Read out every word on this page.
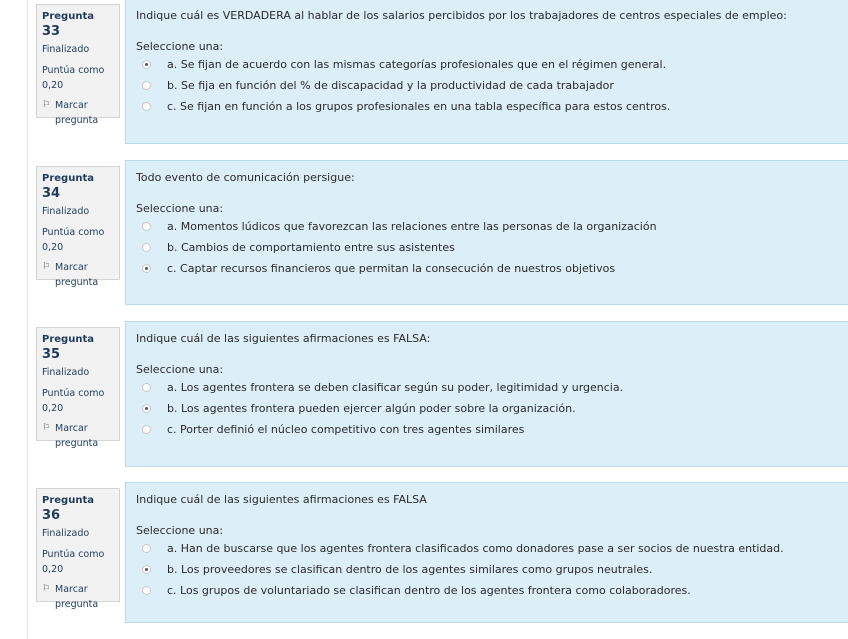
Pregunta 33
Finalizado
Puntúa como
0,20
⚐ Marcar
pregunta
Indique cuál es VERDADERA al hablar de los salarios percibidos por los trabajadores de centros especiales de empleo:
Seleccione una:
a. Se fijan de acuerdo con las mismas categorías profesionales que en el régimen general.
b. Se fija en función del % de discapacidad y la productividad de cada trabajador
c. Se fijan en función a los grupos profesionales en una tabla específica para estos centros.
Pregunta 34
Finalizado
Puntúa como
0,20
⚐ Marcar
pregunta
Todo evento de comunicación persigue:
Seleccione una:
a. Momentos lúdicos que favorezcan las relaciones entre las personas de la organización
b. Cambios de comportamiento entre sus asistentes
c. Captar recursos financieros que permitan la consecución de nuestros objetivos
Pregunta 35
Finalizado
Puntúa como
0,20
⚐ Marcar
pregunta
Indique cuál de las siguientes afirmaciones es FALSA:
Seleccione una:
a. Los agentes frontera se deben clasificar según su poder, legitimidad y urgencia.
b. Los agentes frontera pueden ejercer algún poder sobre la organización.
c. Porter definió el núcleo competitivo con tres agentes similares
Pregunta 36
Finalizado
Puntúa como
0,20
⚐ Marcar
pregunta
Indique cuál de las siguientes afirmaciones es FALSA
Seleccione una:
a. Han de buscarse que los agentes frontera clasificados como donadores pase a ser socios de nuestra entidad.
b. Los proveedores se clasifican dentro de los agentes similares como grupos neutrales.
c. Los grupos de voluntariado se clasifican dentro de los agentes frontera como colaboradores.
